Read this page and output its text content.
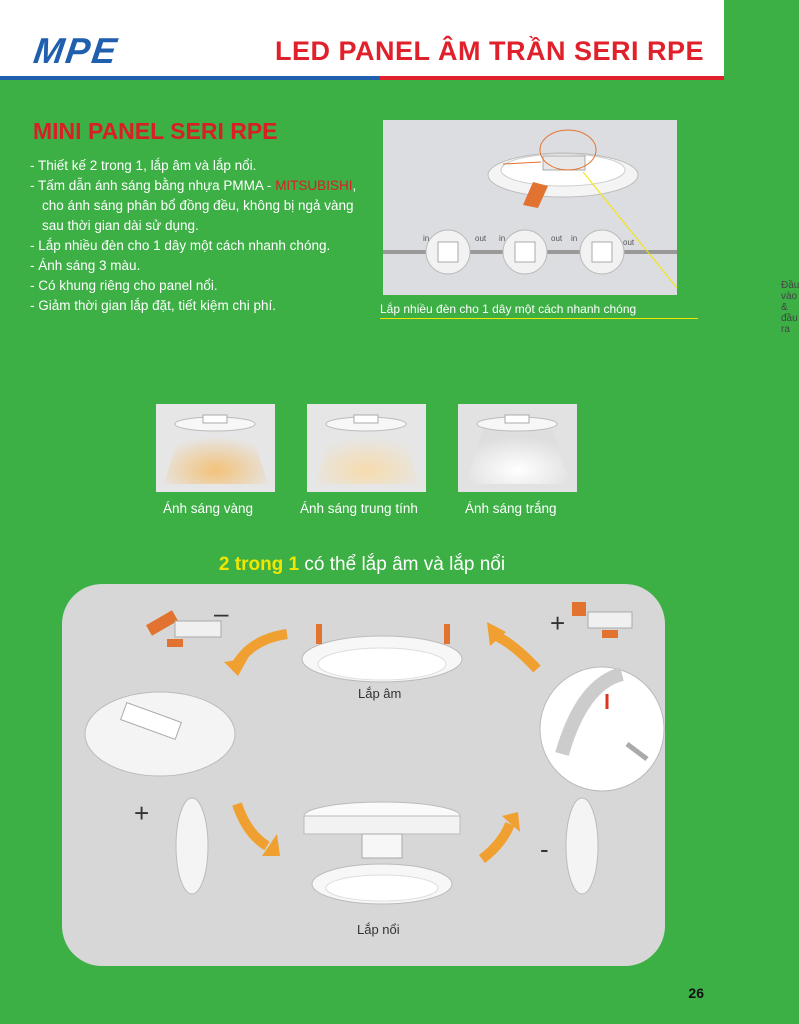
MPE	LED PANEL ÂM TRẦN SERI RPE
MINI PANEL SERI RPE
- Thiết kế 2 trong 1, lắp âm và lắp nổi.
- Tấm dẫn ánh sáng bằng nhựa PMMA - MITSUBISHI, cho ánh sáng phân bổ đồng đều, không bị ngả vàng sau thời gian dài sử dụng.
- Lắp nhiều đèn cho 1 dây một cách nhanh chóng.
- Ánh sáng 3 màu.
- Có khung riêng cho panel nổi.
- Giảm thời gian lắp đặt, tiết kiệm chi phí.
Đầu vào & đầu ra
in	out in	out in	out
Lắp nhiều đèn cho 1 dây một cách nhanh chóng
Ánh sáng vàng	Ánh sáng trung tính	Ánh sáng trắng
2 trong 1 có thể lắp âm và lắp nổi
Lắp âm
Lắp nổi
–	+
+
-
26
